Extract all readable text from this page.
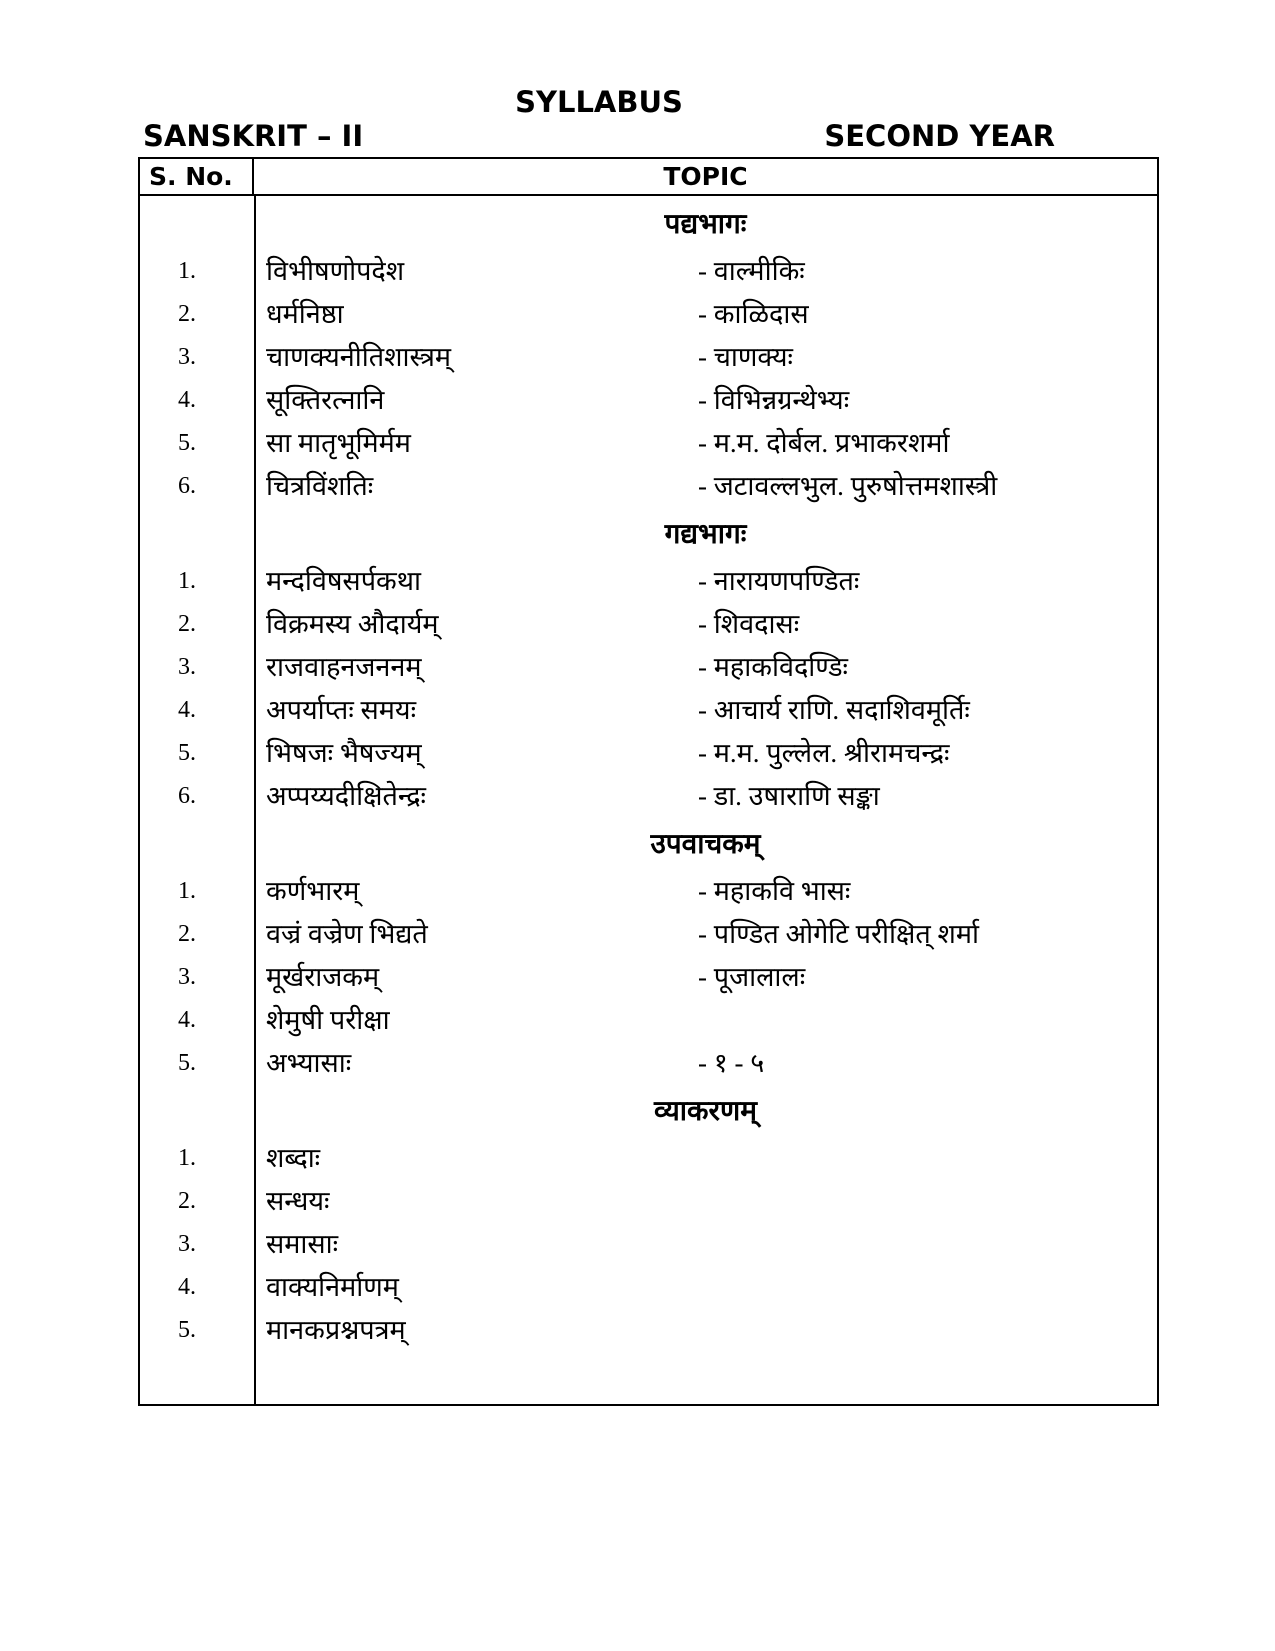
SYLLABUS
SANSKRIT – II	SECOND YEAR
S. No.	TOPIC
पद्यभागः
1.	विभीषणोपदेश	- वाल्मीकिः
2.	धर्मनिष्ठा	- काळिदास
3.	चाणक्यनीतिशास्त्रम्	- चाणक्यः
4.	सूक्तिरत्नानि	- विभिन्नग्रन्थेभ्यः
5.	सा मातृभूमिर्मम	- म.म. दोर्बल. प्रभाकरशर्मा
6.	चित्रविंशतिः	- जटावल्लभुल. पुरुषोत्तमशास्त्री
गद्यभागः
1.	मन्दविषसर्पकथा	- नारायणपण्डितः
2.	विक्रमस्य औदार्यम्	- शिवदासः
3.	राजवाहनजननम्	- महाकविदण्डिः
4.	अपर्याप्तः समयः	- आचार्य राणि. सदाशिवमूर्तिः
5.	भिषजः भैषज्यम्	- म.म. पुल्लेल. श्रीरामचन्द्रः
6.	अप्पय्यदीक्षितेन्द्रः	- डा. उषाराणि सङ्का
उपवाचकम्
1.	कर्णभारम्	- महाकवि भासः
2.	वज्रं वज्रेण भिद्यते	- पण्डित ओगेटि परीक्षित् शर्मा
3.	मूर्खराजकम्	- पूजालालः
4.	शेमुषी परीक्षा
5.	अभ्यासाः	- १ - ५
व्याकरणम्
1.	शब्दाः
2.	सन्धयः
3.	समासाः
4.	वाक्यनिर्माणम्
5.	मानकप्रश्नपत्रम्
